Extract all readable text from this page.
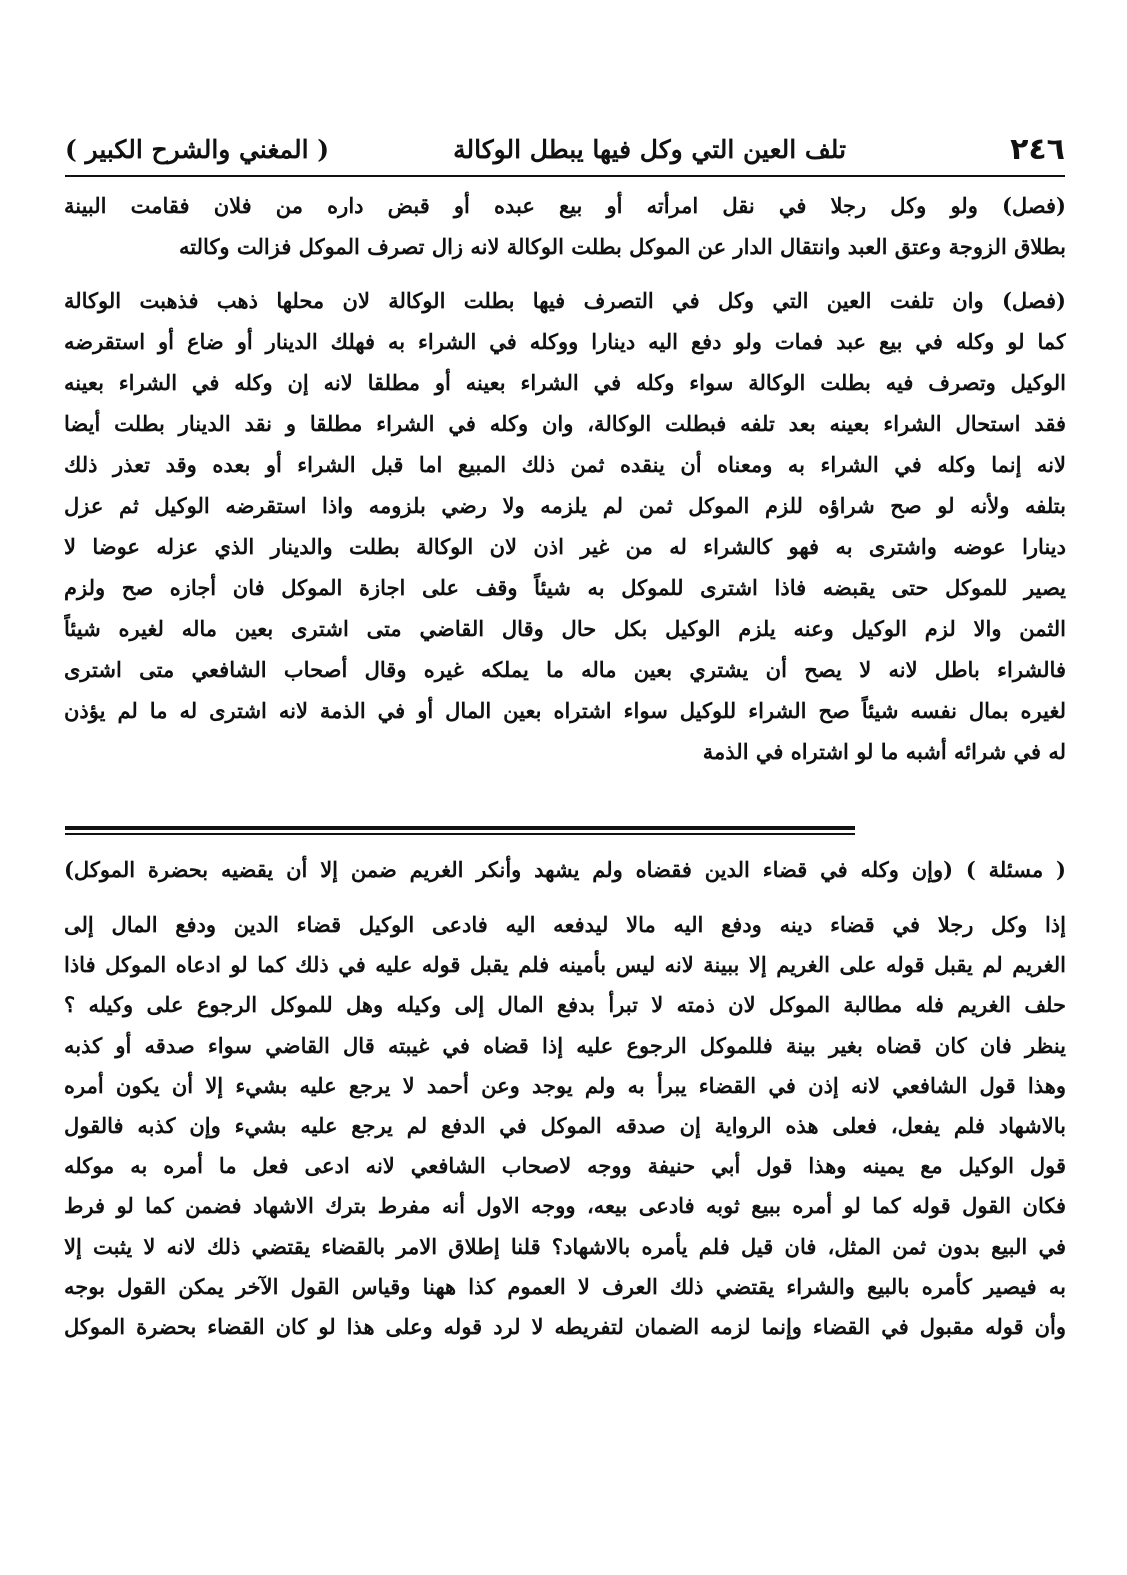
٢٤٦
تلف العين التي وكل فيها يبطل الوكالة
( المغني والشرح الكبير )
(فصل) ولو وكل رجلا في نقل امرأته أو بيع عبده أو قبض داره من فلان فقامت البينة
بطلاق الزوجة وعتق العبد وانتقال الدار عن الموكل بطلت الوكالة لانه زال تصرف الموكل فزالت وكالته
(فصل) وان تلفت العين التي وكل في التصرف فيها بطلت الوكالة لان محلها ذهب فذهبت الوكالة
كما لو وكله في بيع عبد فمات ولو دفع اليه دينارا ووكله في الشراء به فهلك الدينار أو ضاع أو استقرضه
الوكيل وتصرف فيه بطلت الوكالة سواء وكله في الشراء بعينه أو مطلقا لانه إن وكله في الشراء بعينه
فقد استحال الشراء بعينه بعد تلفه فبطلت الوكالة، وان وكله في الشراء مطلقا و نقد الدينار بطلت أيضا
لانه إنما وكله في الشراء به ومعناه أن ينقده ثمن ذلك المبيع اما قبل الشراء أو بعده وقد تعذر ذلك
بتلفه ولأنه لو صح شراؤه للزم الموكل ثمن لم يلزمه ولا رضي بلزومه واذا استقرضه الوكيل ثم عزل
دينارا عوضه واشترى به فهو كالشراء له من غير اذن لان الوكالة بطلت والدينار الذي عزله عوضا لا
يصير للموكل حتى يقبضه فاذا اشترى للموكل به شيئاً وقف على اجازة الموكل فان أجازه صح ولزم
الثمن والا لزم الوكيل وعنه يلزم الوكيل بكل حال وقال القاضي متى اشترى بعين ماله لغيره شيئاً
فالشراء باطل لانه لا يصح أن يشتري بعين ماله ما يملكه غيره وقال أصحاب الشافعي متى اشترى
لغيره بمال نفسه شيئاً صح الشراء للوكيل سواء اشتراه بعين المال أو في الذمة لانه اشترى له ما لم يؤذن
له في شرائه أشبه ما لو اشتراه في الذمة
( مسئلة ) (وإن وكله في قضاء الدين فقضاه ولم يشهد وأنكر الغريم ضمن إلا أن يقضيه بحضرة الموكل)
إذا وكل رجلا في قضاء دينه ودفع اليه مالا ليدفعه اليه فادعى الوكيل قضاء الدين ودفع المال إلى
الغريم لم يقبل قوله على الغريم إلا ببينة لانه ليس بأمينه فلم يقبل قوله عليه في ذلك كما لو ادعاه الموكل فاذا
حلف الغريم فله مطالبة الموكل لان ذمته لا تبرأ بدفع المال إلى وكيله وهل للموكل الرجوع على وكيله ؟
ينظر فان كان قضاه بغير بينة فللموكل الرجوع عليه إذا قضاه في غيبته قال القاضي سواء صدقه أو كذبه
وهذا قول الشافعي لانه إذن في القضاء يبرأ به ولم يوجد وعن أحمد لا يرجع عليه بشيء إلا أن يكون أمره
بالاشهاد فلم يفعل، فعلى هذه الرواية إن صدقه الموكل في الدفع لم يرجع عليه بشيء وإن كذبه فالقول
قول الوكيل مع يمينه وهذا قول أبي حنيفة ووجه لاصحاب الشافعي لانه ادعى فعل ما أمره به موكله
فكان القول قوله كما لو أمره ببيع ثوبه فادعى بيعه، ووجه الاول أنه مفرط بترك الاشهاد فضمن كما لو فرط
في البيع بدون ثمن المثل، فان قيل فلم يأمره بالاشهاد؟ قلنا إطلاق الامر بالقضاء يقتضي ذلك لانه لا يثبت إلا
به فيصير كأمره بالبيع والشراء يقتضي ذلك العرف لا العموم كذا ههنا وقياس القول الآخر يمكن القول بوجه
وأن قوله مقبول في القضاء وإنما لزمه الضمان لتفريطه لا لرد قوله وعلى هذا لو كان القضاء بحضرة الموكل
